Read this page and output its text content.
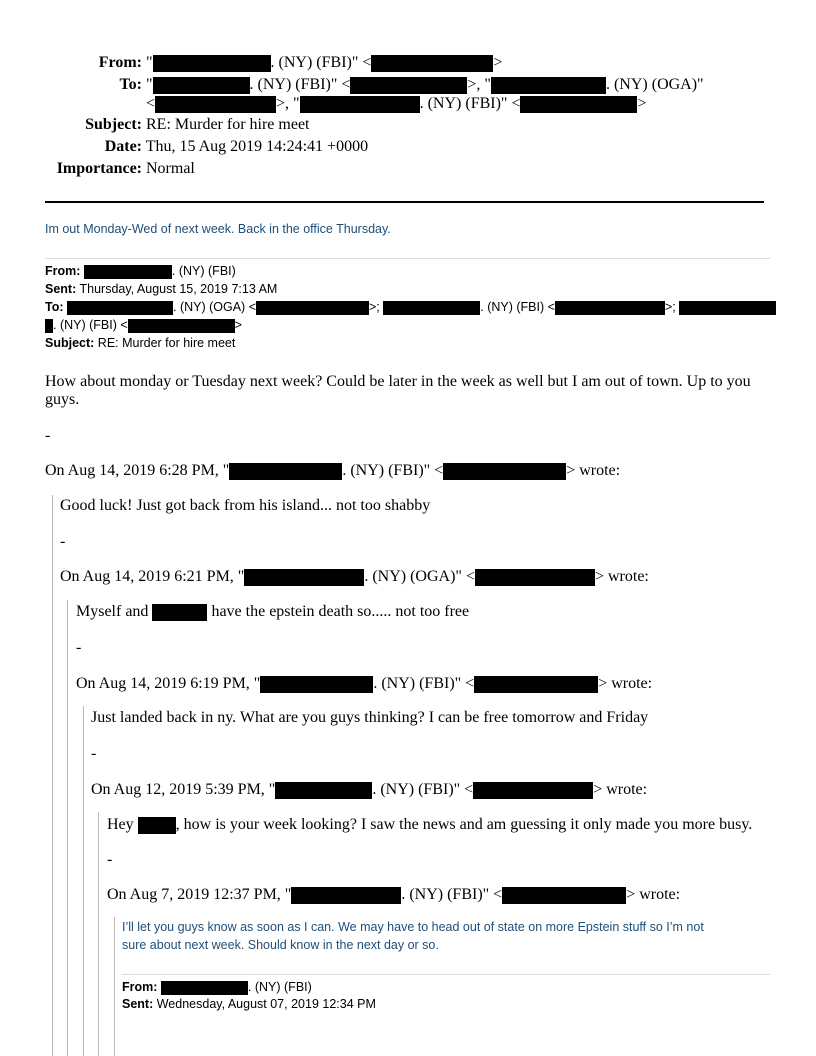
From: "	. (NY) (FBI)" <	>
To: "	. (NY) (FBI)" <	>, "	. (NY) (OGA)"
<	>, "	. (NY) (FBI)" <	>
Subject: RE: Murder for hire meet
Date: Thu, 15 Aug 2019 14:24:41 +0000
Importance: Normal
Im out Monday-Wed of next week. Back in the office Thursday.
From:	. (NY) (FBI)
Sent: Thursday, August 15, 2019 7:13 AM
To:	. (NY) (OGA) <	>;	. (NY) (FBI) <	>;
. (NY) (FBI) <	>
Subject: RE: Murder for hire meet
How about monday or Tuesday next week? Could be later in the week as well but I am out of town. Up to you
guys.
-
On Aug 14, 2019 6:28 PM, "	. (NY) (FBI)" <	> wrote:
Good luck! Just got back from his island... not too shabby
-
On Aug 14, 2019 6:21 PM, "	. (NY) (OGA)" <	> wrote:
Myself and	have the epstein death so..... not too free
-
On Aug 14, 2019 6:19 PM, "	. (NY) (FBI)" <	> wrote:
Just landed back in ny. What are you guys thinking? I can be free tomorrow and Friday
-
On Aug 12, 2019 5:39 PM, "	. (NY) (FBI)" <	> wrote:
Hey	, how is your week looking? I saw the news and am guessing it only made you more busy.
-
On Aug 7, 2019 12:37 PM, "	. (NY) (FBI)" <	> wrote:
I’ll let you guys know as soon as I can. We may have to head out of state on more Epstein stuff so I’m not
sure about next week. Should know in the next day or so.
From:	. (NY) (FBI)
Sent: Wednesday, August 07, 2019 12:34 PM
